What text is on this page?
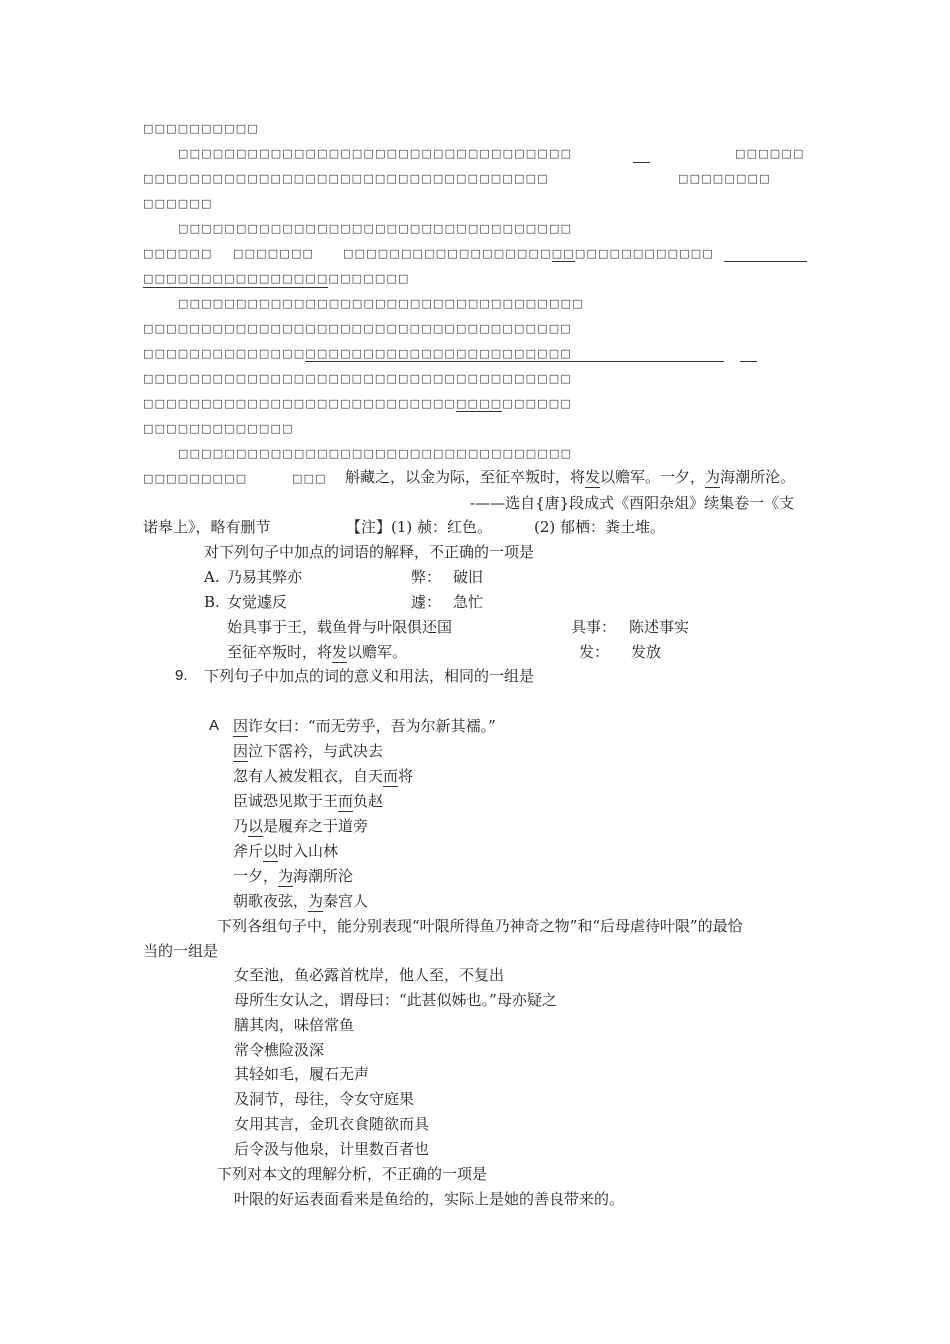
□□□□□□□□□□
□□□□□□□□□□□□□□□□□□□□□□□□□□□□□□□□□□	□□□□□□
□□□□□□□□□□□□□□□□□□□□□□□□□□□□□□□□□□□	□□□□□□□□
□□□□□□
□□□□□□□□□□□□□□□□□□□□□□□□□□□□□□□□□□
□□□□□□ □□□□□□□	□□□□□□□□□□□□□□□□□□□□□□□□□□□□□□□□
□□□□□□□□□□□□□□□□□□□□□□□
□□□□□□□□□□□□□□□□□□□□□□□□□□□□□□□□□□□
□□□□□□□□□□□□□□□□□□□□□□□□□□□□□□□□□□□□□
□□□□□□□□□□□□□□□□□□□□□□□□□□□□□□□□□□□□□
□□□□□□□□□□□□□□□□□□□□□□□□□□□□□□□□□□□□□
□□□□□□□□□□□□□□□□□□□□□□□□□□□□□□□□□□□□□
□□□□□□□□□□□□□
□□□□□□□□□□□□□□□□□□□□□□□□□□□□□□□□□□
□□□□□□□□□	□□□ 斛藏之，以金为际，至征卒叛时，将发以赡军。一夕，为海潮所沦。
-——选自{唐}段成式《酉阳杂俎》续集卷一《支
诺皋上》，略有删节	【注】(1) 赪：红色。	(2) 郁栖：粪土堆。
对下列句子中加点的词语的解释，不正确的一项是
A. 乃易其弊亦	弊： 破旧
B. 女觉遽反	遽： 急忙
始具事于王，载鱼骨与叶限俱还国	具事： 陈述事实
至征卒叛时，将发以赡军。	发： 发放
9. 下列句子中加点的词的意义和用法，相同的一组是
A 因诈女曰：“而无劳乎，吾为尔新其襦。”
因泣下霑衿，与武决去
忽有人被发粗衣，自天而将
臣诚恐见欺于王而负赵
乃以是履弃之于道旁
斧斤以时入山林
一夕，为海潮所沦
朝歌夜弦，为秦宫人
下列各组句子中，能分别表现“叶限所得鱼乃神奇之物”和“后母虐待叶限”的最恰
当的一组是
女至池，鱼必露首枕岸，他人至，不复出
母所生女认之，谓母曰：“此甚似姊也。”母亦疑之
膳其肉，味倍常鱼
常令樵险汲深
其轻如毛，履石无声
及洞节，母往，令女守庭果
女用其言，金玑衣食随欲而具
后令汲与他泉，计里数百者也
下列对本文的理解分析，不正确的一项是
叶限的好运表面看来是鱼给的，实际上是她的善良带来的。
